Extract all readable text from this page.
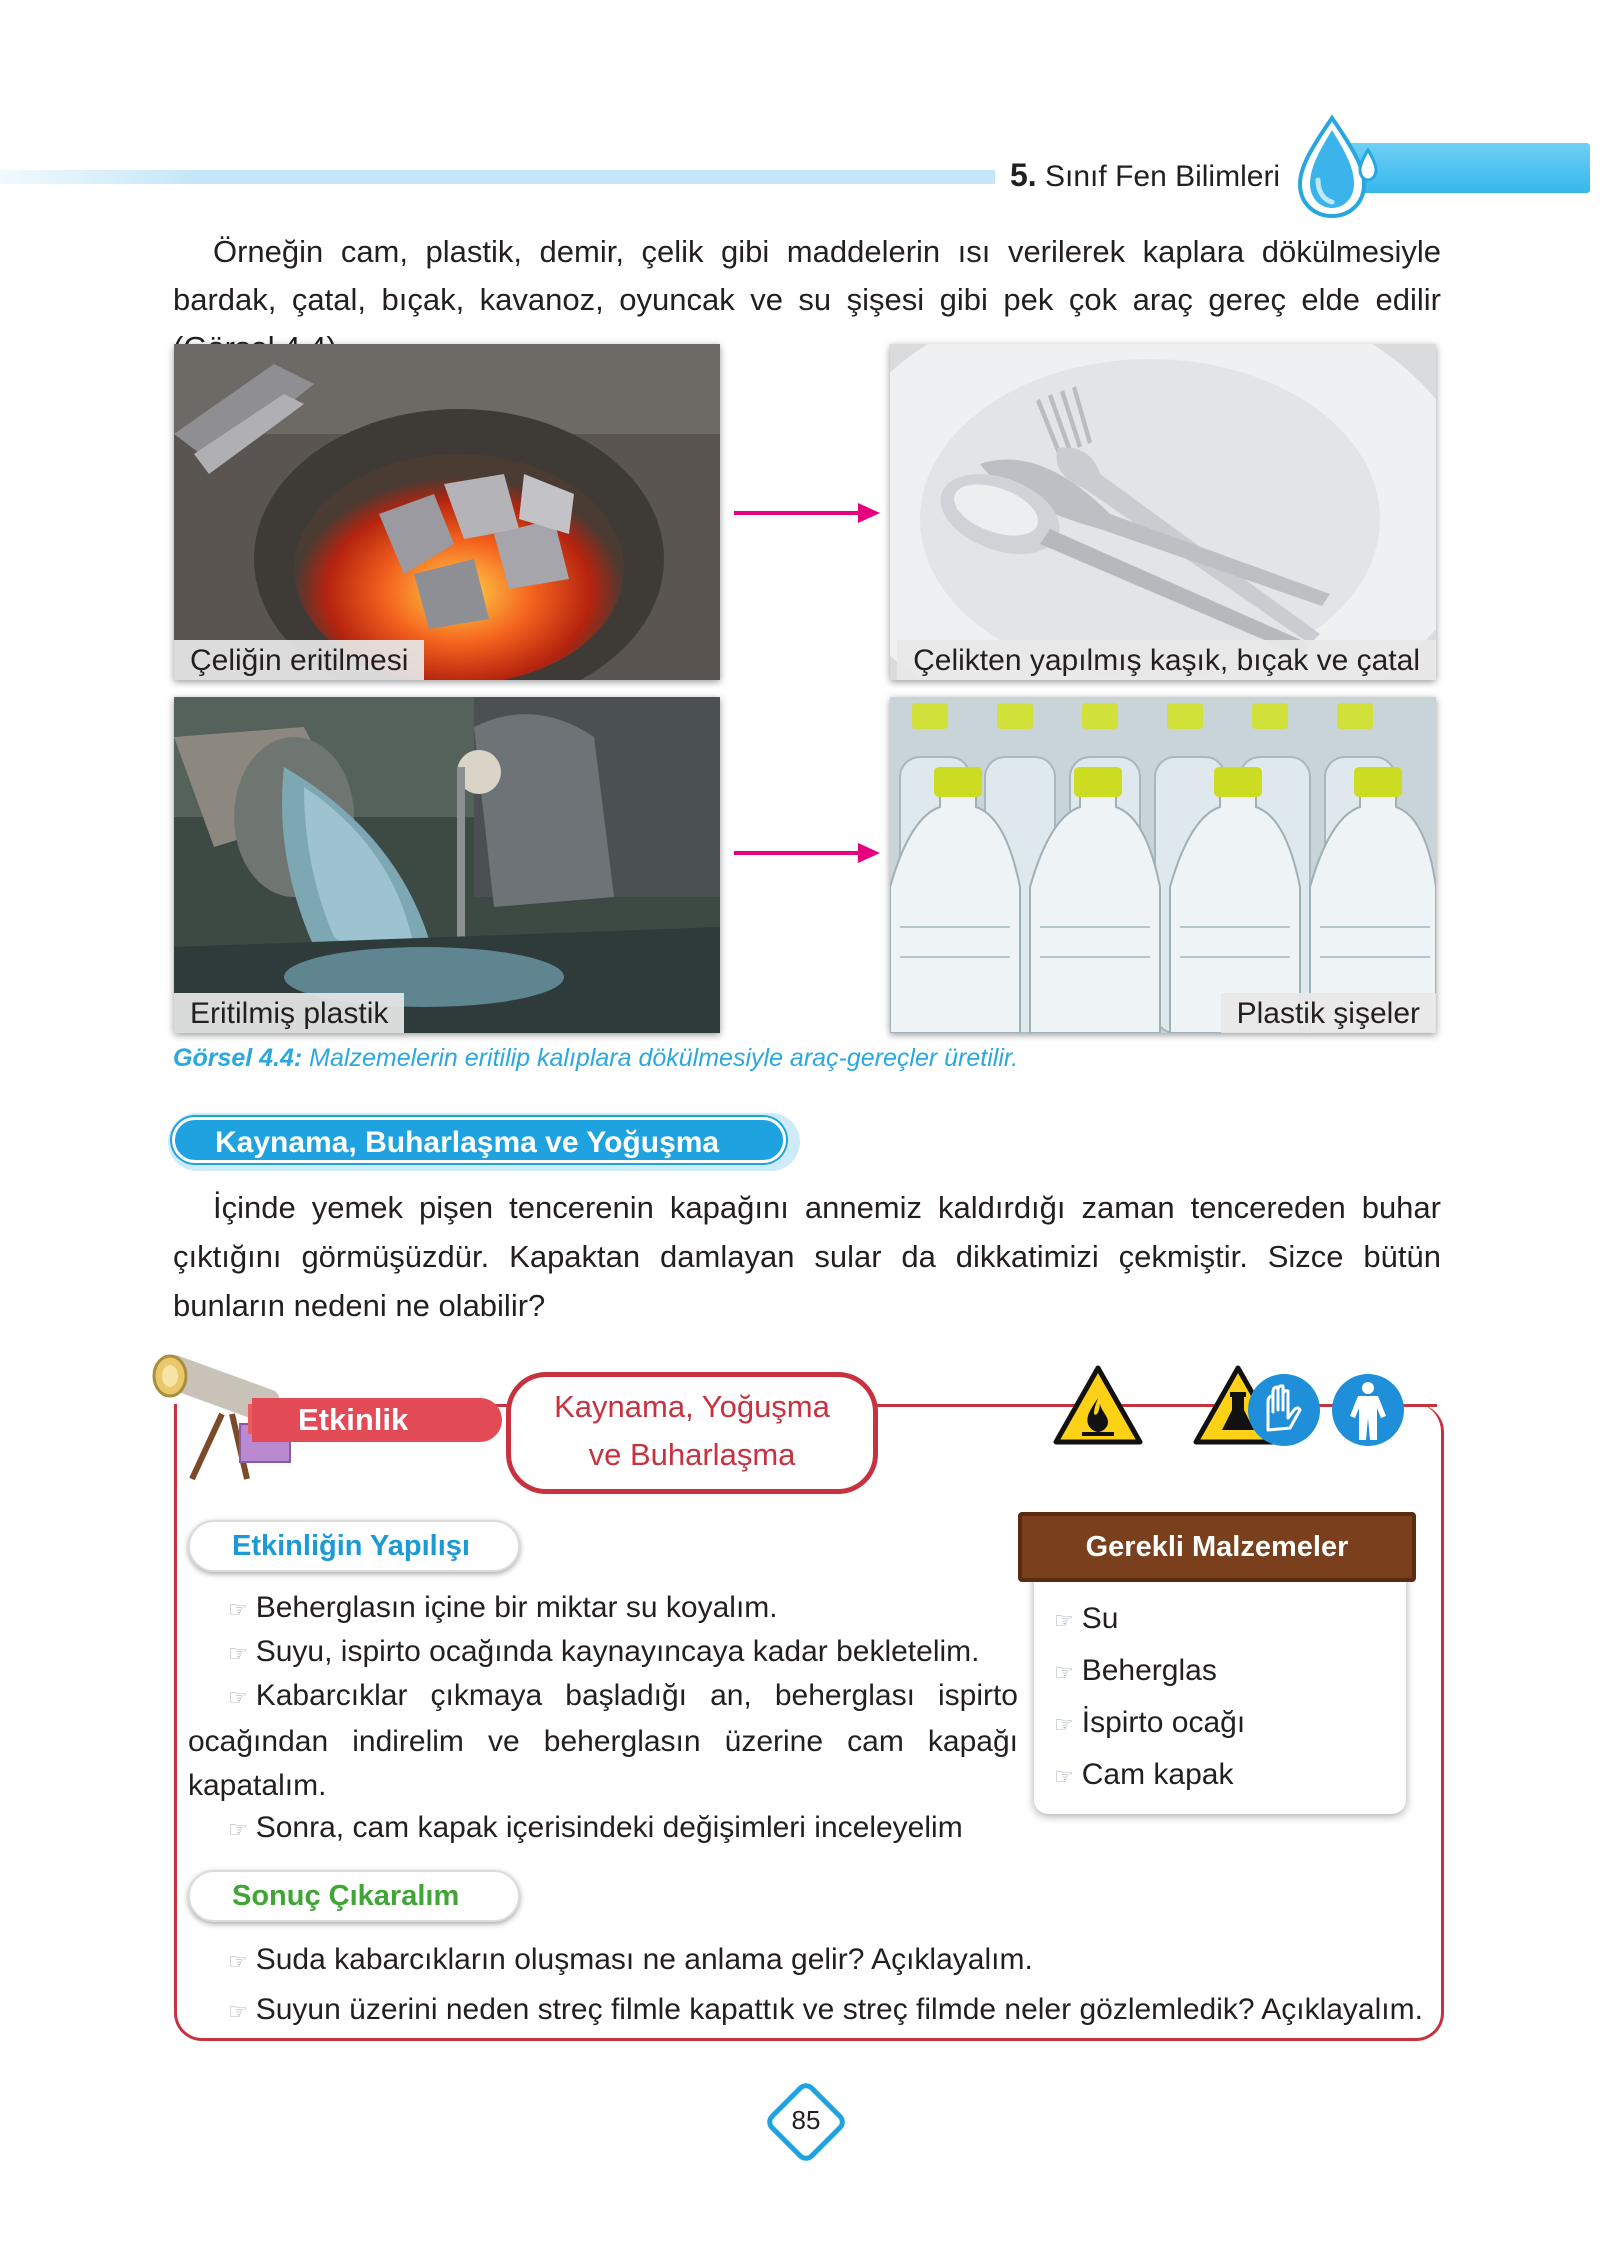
5. Sınıf Fen Bilimleri

Örneğin cam, plastik, demir, çelik gibi maddelerin ısı verilerek kaplara dökülmesiyle bardak, çatal, bıçak, kavanoz, oyuncak ve su şişesi gibi pek çok araç gereç elde edilir

Çeliğin eritilmesi	Çelikten yapılmış kaşık, bıçak ve çatal
Eritilmiş plastik	Plastik şişeler
Görsel 4.4: Malzemelerin eritilip kalıplara dökülmesiyle araç-gereçler üretilir.
Kaynama, Buharlaşma ve Yoğuşma

İçinde yemek pişen tencerenin kapağını annemiz kaldırdığı zaman tencereden buhar çıktığını görmüşüzdür. Kapaktan damlayan sular da dikkatimizi çekmiştir. Sizce bütün bunların nedeni ne olabilir?

Etkinlik	Kaynama, Yoğuşma
ve Buharlaşma
Etkinliğin Yapılışı
☞ Beherglasın içine bir miktar su koyalım.
☞ Suyu, ispirto ocağında kaynayıncaya kadar bekletelim.
☞ Kabarcıklar çıkmaya başladığı an, beherglası ispirto ocağından indirelim ve beherglasın üzerine cam kapağı kapatalım.
☞ Sonra, cam kapak içerisindeki değişimleri inceleyelim
☞ Su
☞ Beherglas
☞ İspirto ocağı
☞ Cam kapak
Gerekli Malzemeler
Sonuç Çıkaralım
☞ Suda kabarcıkların oluşması ne anlama gelir? Açıklayalım.
☞ Suyun üzerini neden streç filmle kapattık ve streç filmde neler gözlemledik? Açıklayalım.
85
